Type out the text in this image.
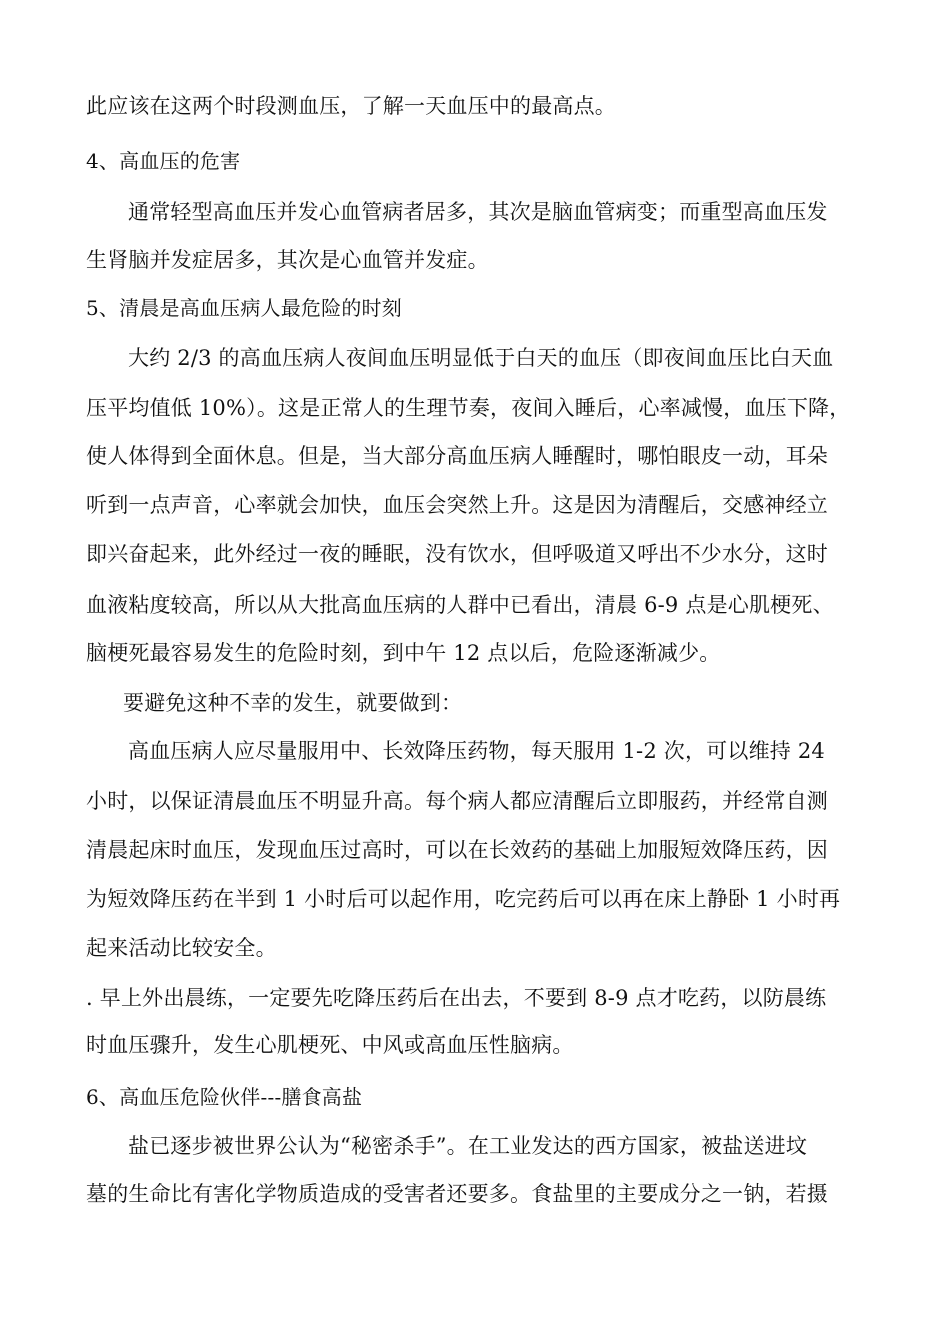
此应该在这两个时段测血压，了解一天血压中的最高点。
4、高血压的危害
通常轻型高血压并发心血管病者居多，其次是脑血管病变；而重型高血压发
生肾脑并发症居多，其次是心血管并发症。
5、清晨是高血压病人最危险的时刻
大约 2/3 的高血压病人夜间血压明显低于白天的血压（即夜间血压比白天血
压平均值低 10%）。这是正常人的生理节奏，夜间入睡后，心率减慢，血压下降，
使人体得到全面休息。但是，当大部分高血压病人睡醒时，哪怕眼皮一动，耳朵
听到一点声音，心率就会加快，血压会突然上升。这是因为清醒后，交感神经立
即兴奋起来，此外经过一夜的睡眠，没有饮水，但呼吸道又呼出不少水分，这时
血液粘度较高，所以从大批高血压病的人群中已看出，清晨 6-9 点是心肌梗死、
脑梗死最容易发生的危险时刻，到中午 12 点以后，危险逐渐减少。
要避免这种不幸的发生，就要做到：
高血压病人应尽量服用中、长效降压药物，每天服用 1-2 次，可以维持 24
小时，以保证清晨血压不明显升高。每个病人都应清醒后立即服药，并经常自测
清晨起床时血压，发现血压过高时，可以在长效药的基础上加服短效降压药，因
为短效降压药在半到 1 小时后可以起作用，吃完药后可以再在床上静卧 1 小时再
起来活动比较安全。
. 早上外出晨练，一定要先吃降压药后在出去，不要到 8-9 点才吃药，以防晨练
时血压骤升，发生心肌梗死、中风或高血压性脑病。
6、高血压危险伙伴---膳食高盐
盐已逐步被世界公认为“秘密杀手”。在工业发达的西方国家，被盐送进坟
墓的生命比有害化学物质造成的受害者还要多。食盐里的主要成分之一钠，若摄
